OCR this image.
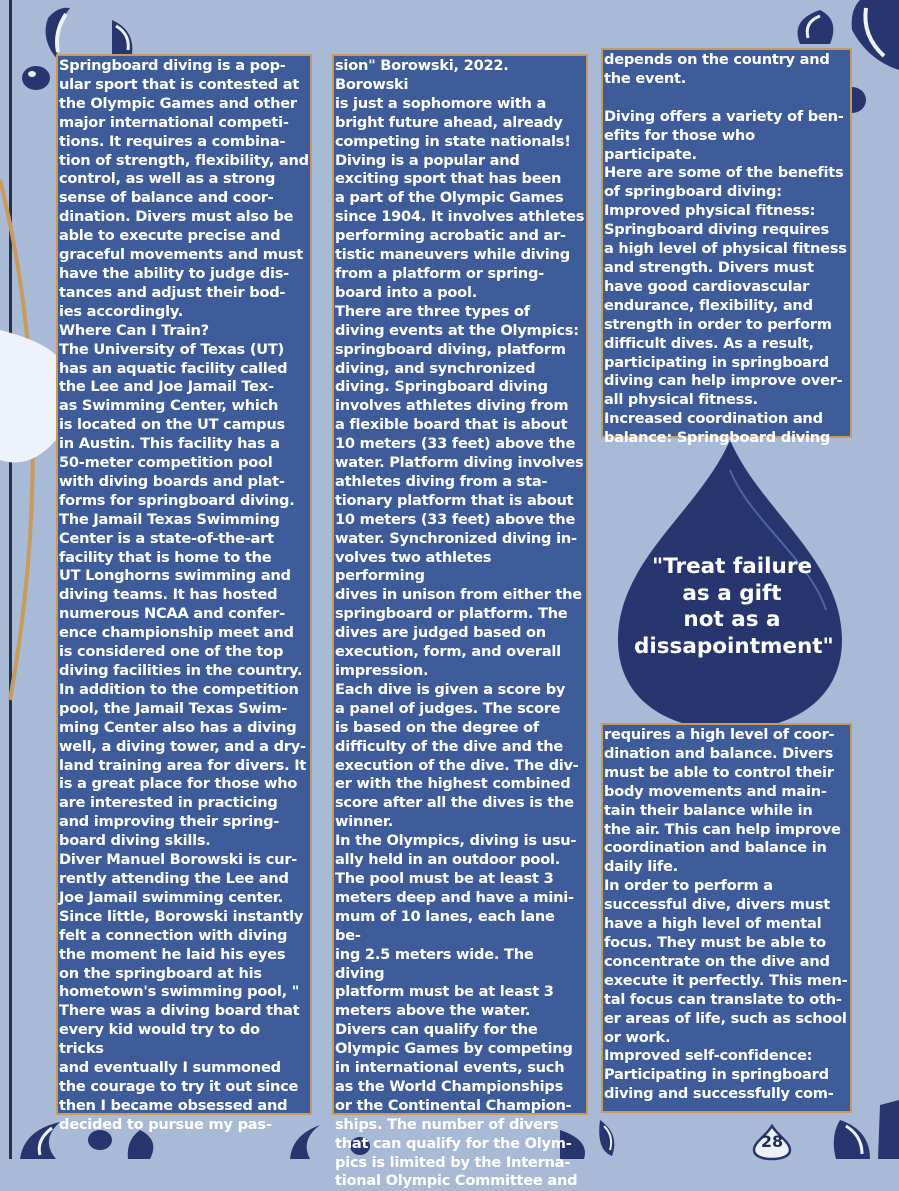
Springboard diving is a pop-
ular sport that is contested at
the Olympic Games and other
major international competi-
tions. It requires a combina-
tion of strength, flexibility, and
control, as well as a strong
sense of balance and coor-
dination. Divers must also be
able to execute precise and
graceful movements and must
have the ability to judge dis-
tances and adjust their bod-
ies accordingly.
Where Can I Train?
The University of Texas (UT)
has an aquatic facility called
the Lee and Joe Jamail Tex-
as Swimming Center, which
is located on the UT campus
in Austin. This facility has a
50-meter competition pool
with diving boards and plat-
forms for springboard diving.
The Jamail Texas Swimming
Center is a state-of-the-art
facility that is home to the
UT Longhorns swimming and
diving teams. It has hosted
numerous NCAA and confer-
ence championship meet and
is considered one of the top
diving facilities in the country.
In addition to the competition
pool, the Jamail Texas Swim-
ming Center also has a diving
well, a diving tower, and a dry-
land training area for divers. It
is a great place for those who
are interested in practicing
and improving their spring-
board diving skills.
Diver Manuel Borowski is cur-
rently attending the Lee and
Joe Jamail swimming center.
Since little, Borowski instantly
felt a connection with diving
the moment he laid his eyes
on the springboard at his
hometown's swimming pool, "
There was a diving board that
every kid would try to do tricks
and eventually I summoned
the courage to try it out since
then I became obsessed and
decided to pursue my pas-

sion" Borowski, 2022. Borowski
is just a sophomore with a
bright future ahead, already
competing in state nationals!
Diving is a popular and
exciting sport that has been
a part of the Olympic Games
since 1904. It involves athletes
performing acrobatic and ar-
tistic maneuvers while diving
from a platform or spring-
board into a pool.
There are three types of
diving events at the Olympics:
springboard diving, platform
diving, and synchronized
diving. Springboard diving
involves athletes diving from
a flexible board that is about
10 meters (33 feet) above the
water. Platform diving involves
athletes diving from a sta-
tionary platform that is about
10 meters (33 feet) above the
water. Synchronized diving in-
volves two athletes performing
dives in unison from either the
springboard or platform. The
dives are judged based on
execution, form, and overall
impression.
Each dive is given a score by
a panel of judges. The score
is based on the degree of
difficulty of the dive and the
execution of the dive. The div-
er with the highest combined
score after all the dives is the
winner.
In the Olympics, diving is usu-
ally held in an outdoor pool.
The pool must be at least 3
meters deep and have a mini-
mum of 10 lanes, each lane be-
ing 2.5 meters wide. The diving
platform must be at least 3
meters above the water.
Divers can qualify for the
Olympic Games by competing
in international events, such
as the World Championships
or the Continental Champion-
ships. The number of divers
that can qualify for the Olym-
pics is limited by the Interna-
tional Olympic Committee and

depends on the country and
the event.

Diving offers a variety of ben-
efits for those who participate.
Here are some of the benefits
of springboard diving:
Improved physical fitness:
Springboard diving requires
a high level of physical fitness
and strength. Divers must
have good cardiovascular
endurance, flexibility, and
strength in order to perform
difficult dives. As a result,
participating in springboard
diving can help improve over-
all physical fitness.
Increased coordination and
balance: Springboard diving

"Treat failure
as a gift
not as a
dissapointment"

requires a high level of coor-
dination and balance. Divers
must be able to control their
body movements and main-
tain their balance while in
the air. This can help improve
coordination and balance in
daily life.
In order to perform a
successful dive, divers must
have a high level of mental
focus. They must be able to
concentrate on the dive and
execute it perfectly. This men-
tal focus can translate to oth-
er areas of life, such as school
or work.
Improved self-confidence:
Participating in springboard
diving and successfully com-

28
